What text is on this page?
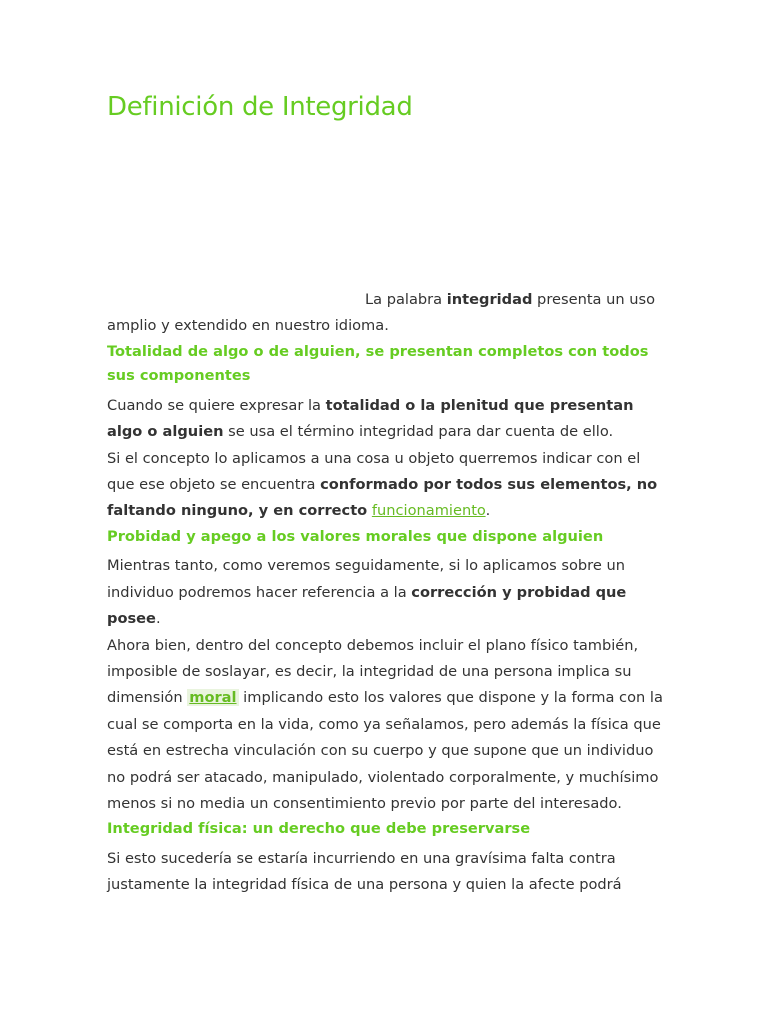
Definición de Integridad

La palabra integridad presenta un uso amplio y extendido en nuestro idioma.

Totalidad de algo o de alguien, se presentan completos con todos sus componentes

Cuando se quiere expresar la totalidad o la plenitud que presentan algo o alguien se usa el término integridad para dar cuenta de ello.

Si el concepto lo aplicamos a una cosa u objeto querremos indicar con el que ese objeto se encuentra conformado por todos sus elementos, no faltando ninguno, y en correcto funcionamiento.

Probidad y apego a los valores morales que dispone alguien

Mientras tanto, como veremos seguidamente, si lo aplicamos sobre un individuo podremos hacer referencia a la corrección y probidad que posee.

Ahora bien, dentro del concepto debemos incluir el plano físico también, imposible de soslayar, es decir, la integridad de una persona implica su dimensión moral implicando esto los valores que dispone y la forma con la cual se comporta en la vida, como ya señalamos, pero además la física que está en estrecha vinculación con su cuerpo y que supone que un individuo no podrá ser atacado, manipulado, violentado corporalmente, y muchísimo menos si no media un consentimiento previo por parte del interesado.

Integridad física: un derecho que debe preservarse

Si esto sucedería se estaría incurriendo en una gravísima falta contra justamente la integridad física de una persona y quien la afecte podrá
